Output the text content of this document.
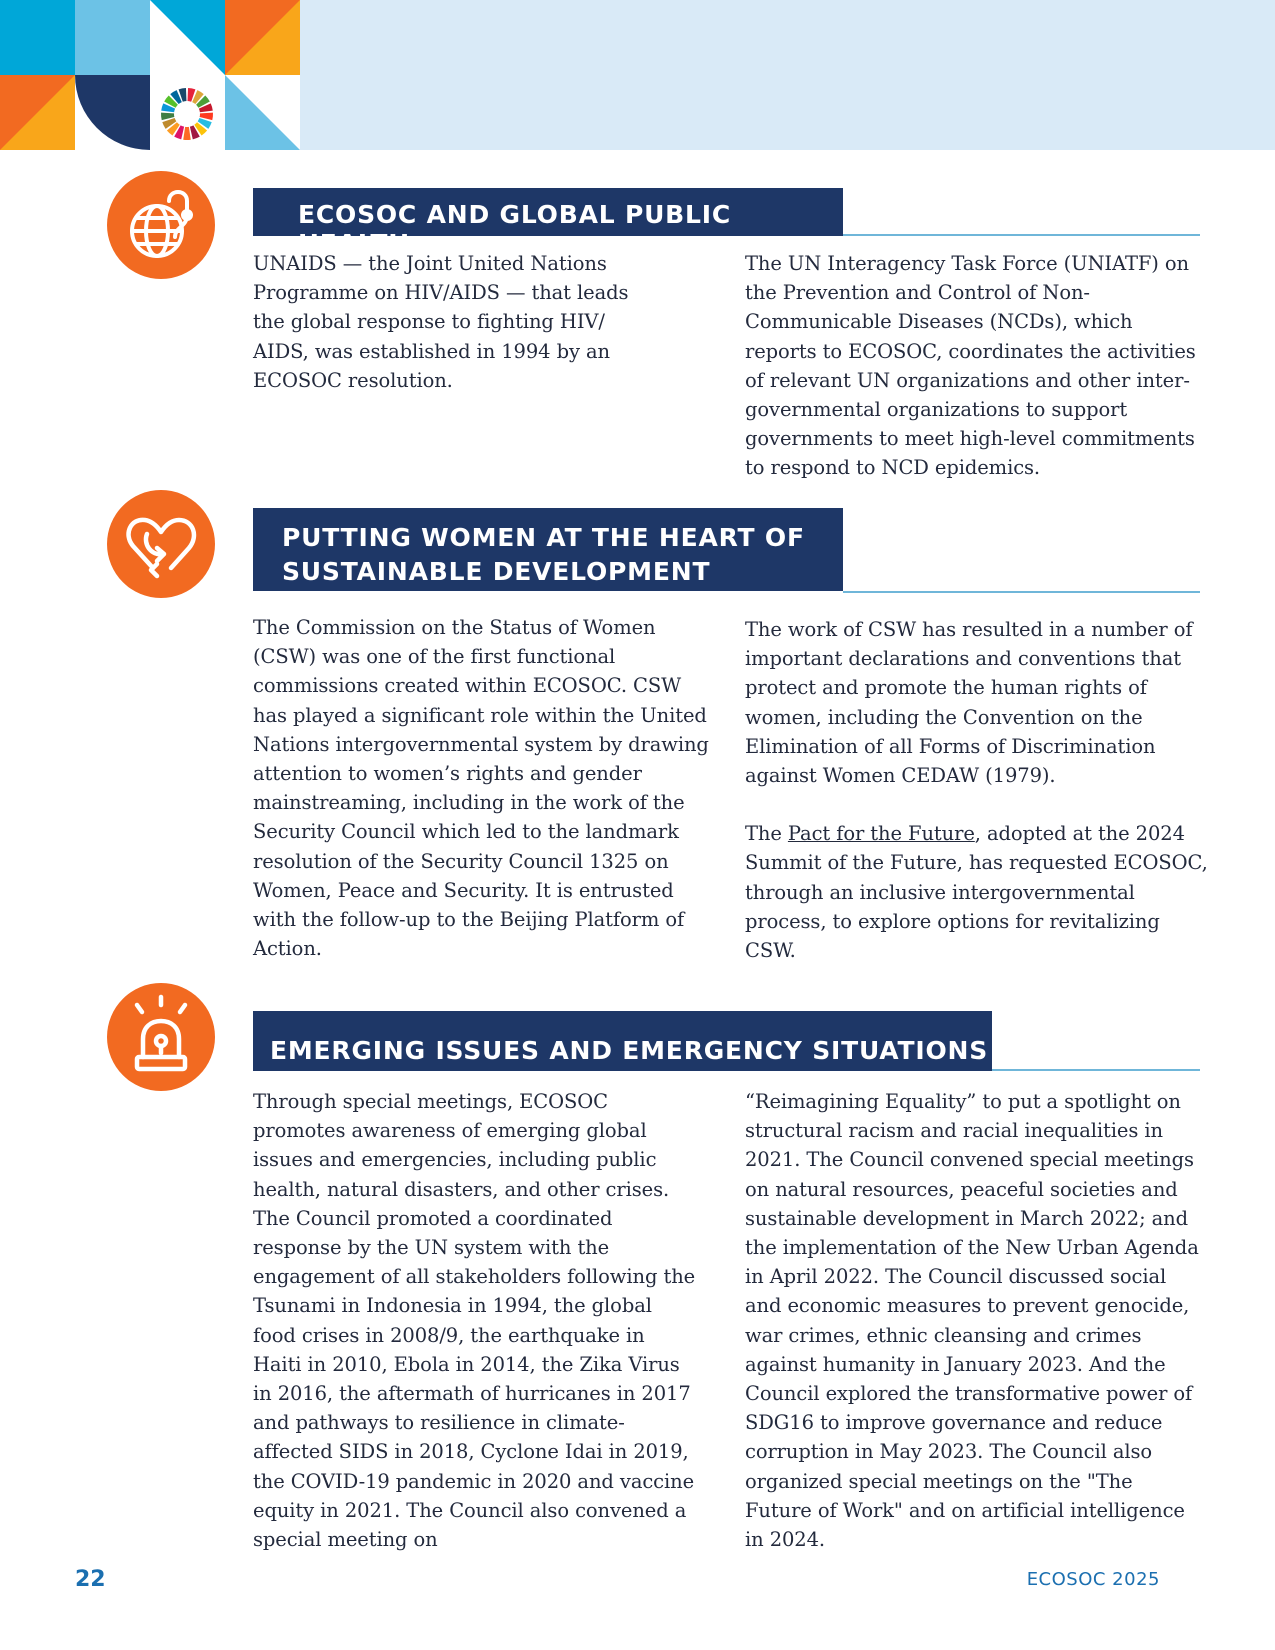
ECOSOC AND GLOBAL PUBLIC HEALTH

UNAIDS — the Joint United Nations Programme on HIV/AIDS — that leads the global response to fighting HIV/ AIDS, was established in 1994 by an ECOSOC resolution.

The UN Interagency Task Force (UNIATF) on the Prevention and Control of Non-Communicable Diseases (NCDs), which reports to ECOSOC, coordinates the activities of relevant UN organizations and other inter-governmental organizations to support governments to meet high-level commitments to respond to NCD epidemics.

PUTTING WOMEN AT THE HEART OF
SUSTAINABLE DEVELOPMENT EFFORTS

The Commission on the Status of Women (CSW) was one of the first functional commissions created within ECOSOC. CSW has played a significant role within the United Nations intergovernmental system by drawing attention to women’s rights and gender mainstreaming, including in the work of the Security Council which led to the landmark resolution of the Security Council 1325 on Women, Peace and Security. It is entrusted with the follow-up to the Beijing Platform of Action.

The work of CSW has resulted in a number of important declarations and conventions that protect and promote the human rights of women, including the Convention on the Elimination of all Forms of Discrimination against Women CEDAW (1979).

The Pact for the Future, adopted at the 2024 Summit of the Future, has requested ECOSOC, through an inclusive intergovernmental process, to explore options for revitalizing CSW.

EMERGING ISSUES AND EMERGENCY SITUATIONS

Through special meetings, ECOSOC promotes awareness of emerging global issues and emergencies, including public health, natural disasters, and other crises. The Council promoted a coordinated response by the UN system with the engagement of all stakeholders following the Tsunami in Indonesia in 1994, the global food crises in 2008/9, the earthquake in Haiti in 2010, Ebola in 2014, the Zika Virus in 2016, the aftermath of hurricanes in 2017 and pathways to resilience in climate-affected SIDS in 2018, Cyclone Idai in 2019, the COVID-19 pandemic in 2020 and vaccine equity in 2021. The Council also convened a special meeting on

“Reimagining Equality” to put a spotlight on structural racism and racial inequalities in 2021. The Council convened special meetings on natural resources, peaceful societies and sustainable development in March 2022; and the implementation of the New Urban Agenda in April 2022. The Council discussed social and economic measures to prevent genocide, war crimes, ethnic cleansing and crimes against humanity in January 2023. And the Council explored the transformative power of SDG16 to improve governance and reduce corruption in May 2023. The Council also organized special meetings on the "The Future of Work" and on artificial intelligence in 2024.

22	ECOSOC 2025
